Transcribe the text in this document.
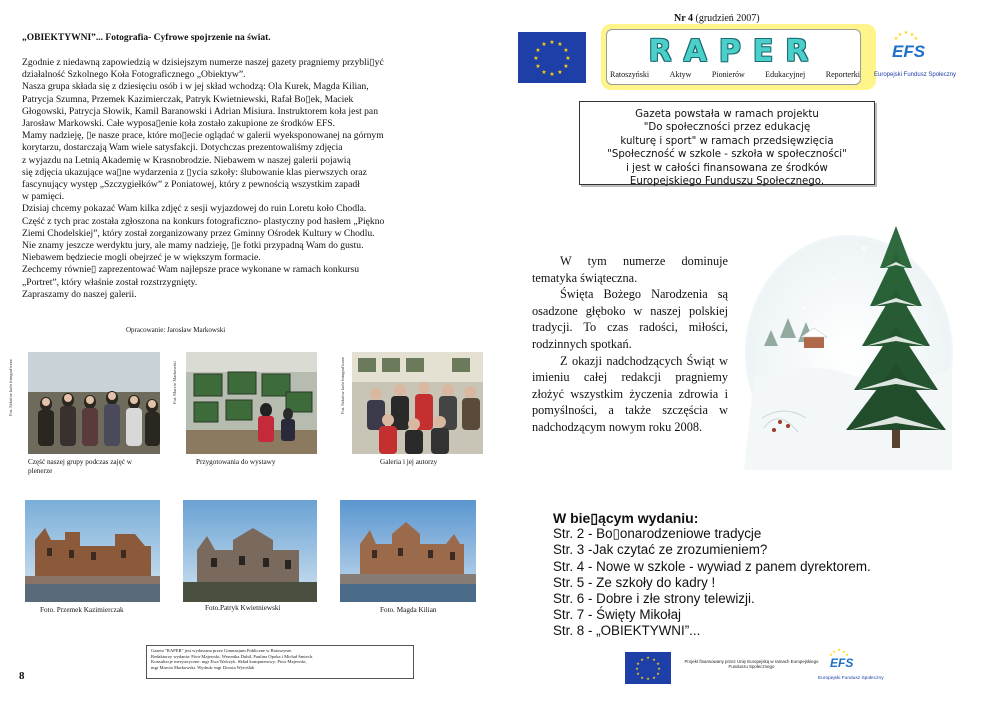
„OBIEKTYWNI”... Fotografia- Cyfrowe spojrzenie na świat.

Zgodnie z niedawną zapowiedzią w dzisiejszym numerze naszej gazety pragniemy przybli▯yć

działalność Szkolnego Koła Fotograficznego „Obiektyw”.

Nasza grupa składa się z dziesięciu osób i w jej skład wchodzą: Ola Kurek, Magda Kilian,

Patrycja Szumna, Przemek Kazimierczak, Patryk Kwietniewski, Rafał Bo▯ek, Maciek

Głogowski, Patrycja Słowik, Kamil Baranowski i Adrian Misiura. Instruktorem koła jest pan

Jarosław Markowski. Całe wyposa▯enie koła zostało zakupione ze środków EFS.

Mamy nadzieję, ▯e nasze prace, które mo▯ecie oglądać w galerii wyeksponowanej na górnym

korytarzu, dostarczają Wam wiele satysfakcji. Dotychczas prezentowaliśmy zdjęcia

z wyjazdu na Letnią Akademię w Krasnobrodzie. Niebawem w naszej galerii pojawią

się zdjęcia ukazujące wa▯ne wydarzenia z ▯ycia szkoły: ślubowanie klas pierwszych oraz

fascynujący występ „Szczygiełków” z Poniatowej, który z pewnością wszystkim zapadł

w pamięci.

Dzisiaj chcemy pokazać Wam kilka zdjęć z sesji wyjazdowej do ruin Loretu koło Chodla.

Część z tych prac została zgłoszona na konkurs fotograficzno- plastyczny pod hasłem „Piękno

Ziemi Chodelskiej”, który został zorganizowany przez Gminny Ośrodek Kultury w Chodlu.

Nie znamy jeszcze werdyktu jury, ale mamy nadzieję, ▯e fotki przypadną Wam do gustu.

Niebawem będziecie mogli obejrzeć je w większym formacie.

Zechcemy równie▯ zaprezentować Wam najlepsze prace wykonane w ramach konkursu

„Portret”, który właśnie został rozstrzygnięty.

Zapraszamy do naszej galerii.

Opracowanie: Jarosław Markowski
Fot. Szkolne koło fotograficzne
Część naszej grupy podczas zajęć w plenerze
Fot. Marcin Markowski
Przygotowania do wystawy
Fot. Szkolne koło fotograficzne
Galeria i jej autorzy
Foto. Przemek Kazimierczak	Foto.Patryk Kwietniewski	Foto. Magda Kilian
Gazeta "RAPER" jest wydawana przez Gimnazjum Publiczne w Ratoszynie.
Redaktorzy wydania: Piotr Majewski, Weronika Dubil, Paulina Opoka i Michał Śmiech.
Konsultacje merytoryczne: mgr Ewa Walczyk. Skład komputerowy: Piotr Majewski,
mgr Marcin Markowski. Wydruk: mgr Dorota Wyroślak
8
Nr 4 (grudzień 2007)
★ ★
★
★
★
★
★
★
★
★
★
★	RAPER
Ratoszyński	Aktyw	Pionierów	Edukacyjnej	Reporterki
★ ★ ★
★
★
EFS
Europejski Fundusz Społeczny
Gazeta powstała w ramach projektu
"Do społeczności przez edukację
kulturę i sport" w ramach przedsięwzięcia
"Społeczność w szkole - szkoła w społeczności"
i jest w całości finansowana ze środków
Europejskiego Funduszu Społecznego.

W tym numerze dominuje tematyka świąteczna.

Święta Bożego Narodzenia są osadzone głęboko w naszej polskiej tradycji. To czas radości, miłości, rodzinnych spotkań.

Z okazji nadchodzących Świąt w imieniu całej redakcji pragniemy złożyć wszystkim życzenia zdrowia i pomyślności, a także szczęścia w nadchodzącym nowym roku 2008.

W bie▯ącym wydaniu:
Str. 2 - Bo▯onarodzeniowe tradycje
Str. 3 -Jak czytać ze zrozumieniem?
Str. 4 - Nowe w szkole - wywiad z panem dyrektorem.
Str. 5 - Ze szkoły do kadry !
Str. 6 - Dobre i złe strony telewizji.
Str. 7 - Święty Mikołaj
Str. 8 - „OBIEKTYWNI”...
★ ★
★
★
★
★
★
★
★
★
★
★	Projekt finansowany przez Unię Europejską w ramach Europejskiego Funduszu Społecznego
★ ★ ★
★
★
EFS
Europejski Fundusz Społeczny
